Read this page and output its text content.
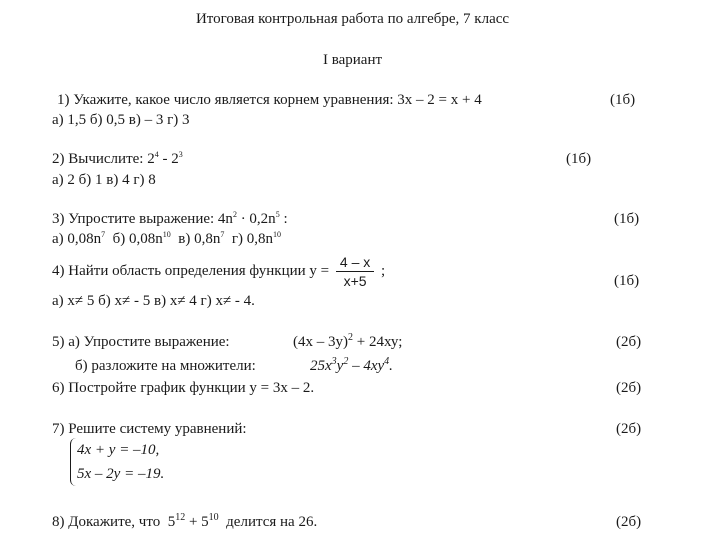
Итоговая контрольная работа по алгебре, 7 класс
I вариант
1) Укажите, какое число является корнем уравнения: 3х – 2 = х + 4	(1б)
а) 1,5 б) 0,5 в) – 3 г) 3
2) Вычислите: $2^4 - 2^3$	(1б)
а) 2 б) 1 в) 4 г) 8
3) Упростите выражение: $4n^2 \cdot 0,2n^5$ :	(1б)
а) $0,08n^7$  б) $0,08n^{10}$  в) $0,8n^7$  г) $0,8n^{10}$
4) Найти область определения функции $у = \frac{4 - x}{x+5}$ ;
(1б)
а) х≠ 5 б) х≠ - 5 в) х≠ 4 г) х≠ - 4.
5) а) Упростите выражение:	(4х – 3у)$^2$ + 24ху;	(2б)
б) разложите на множители:	$25x^3y^2 - 4xy^4$.
6) Постройте график функции у = 3х – 2.	(2б)
7) Решите систему уравнений:	(2б)
4x + y = –10,
5x – 2y = –19.
8) Докажите, что $5^{12} + 5^{10}$ делится на 26.	(2б)
